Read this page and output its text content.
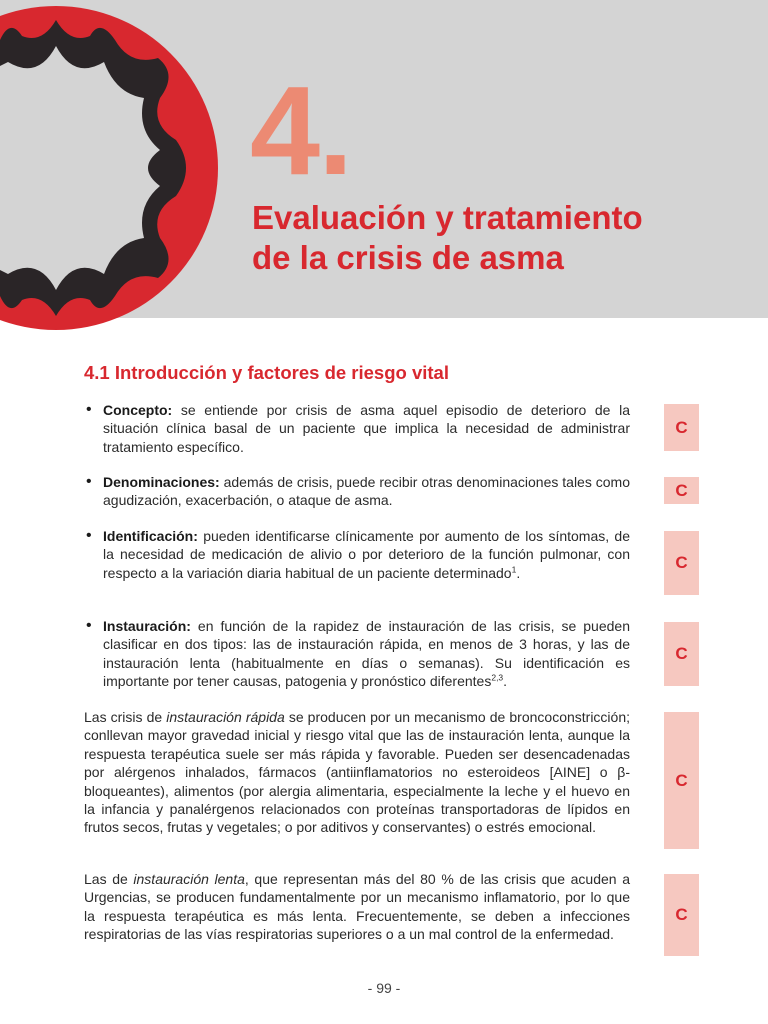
4.
Evaluación y tratamiento
de la crisis de asma
4.1 Introducción y factores de riesgo vital
• Concepto: se entiende por crisis de asma aquel episodio de deterioro de la situación clínica basal de un paciente que implica la necesidad de administrar tratamiento específico.
• Denominaciones: además de crisis, puede recibir otras denominaciones tales como agudización, exacerbación, o ataque de asma.
• Identificación: pueden identificarse clínicamente por aumento de los síntomas, de la necesidad de medicación de alivio o por deterioro de la función pulmonar, con respecto a la variación diaria habitual de un paciente determinado$^1$.
• Instauración: en función de la rapidez de instauración de las crisis, se pueden clasificar en dos tipos: las de instauración rápida, en menos de 3 horas, y las de instauración lenta (habitualmente en días o semanas). Su identificación es importante por tener causas, patogenia y pronóstico diferentes$^{2,3}$.
Las crisis de instauración rápida se producen por un mecanismo de broncoconstricción; conllevan mayor gravedad inicial y riesgo vital que las de instauración lenta, aunque la respuesta terapéutica suele ser más rápida y favorable. Pueden ser desencadenadas por alérgenos inhalados, fármacos (antiinflamatorios no esteroideos [AINE] o β-bloqueantes), alimentos (por alergia alimentaria, especialmente la leche y el huevo en la infancia y panalérgenos relacionados con proteínas transportadoras de lípidos en frutos secos, frutas y vegetales; o por aditivos y conservantes) o estrés emocional.
Las de instauración lenta, que representan más del 80 % de las crisis que acuden a Urgencias, se producen fundamentalmente por un mecanismo inflamatorio, por lo que la respuesta terapéutica es más lenta. Frecuentemente, se deben a infecciones respiratorias de las vías respiratorias superiores o a un mal control de la enfermedad.
C
C
C
C
C
C
- 99 -
